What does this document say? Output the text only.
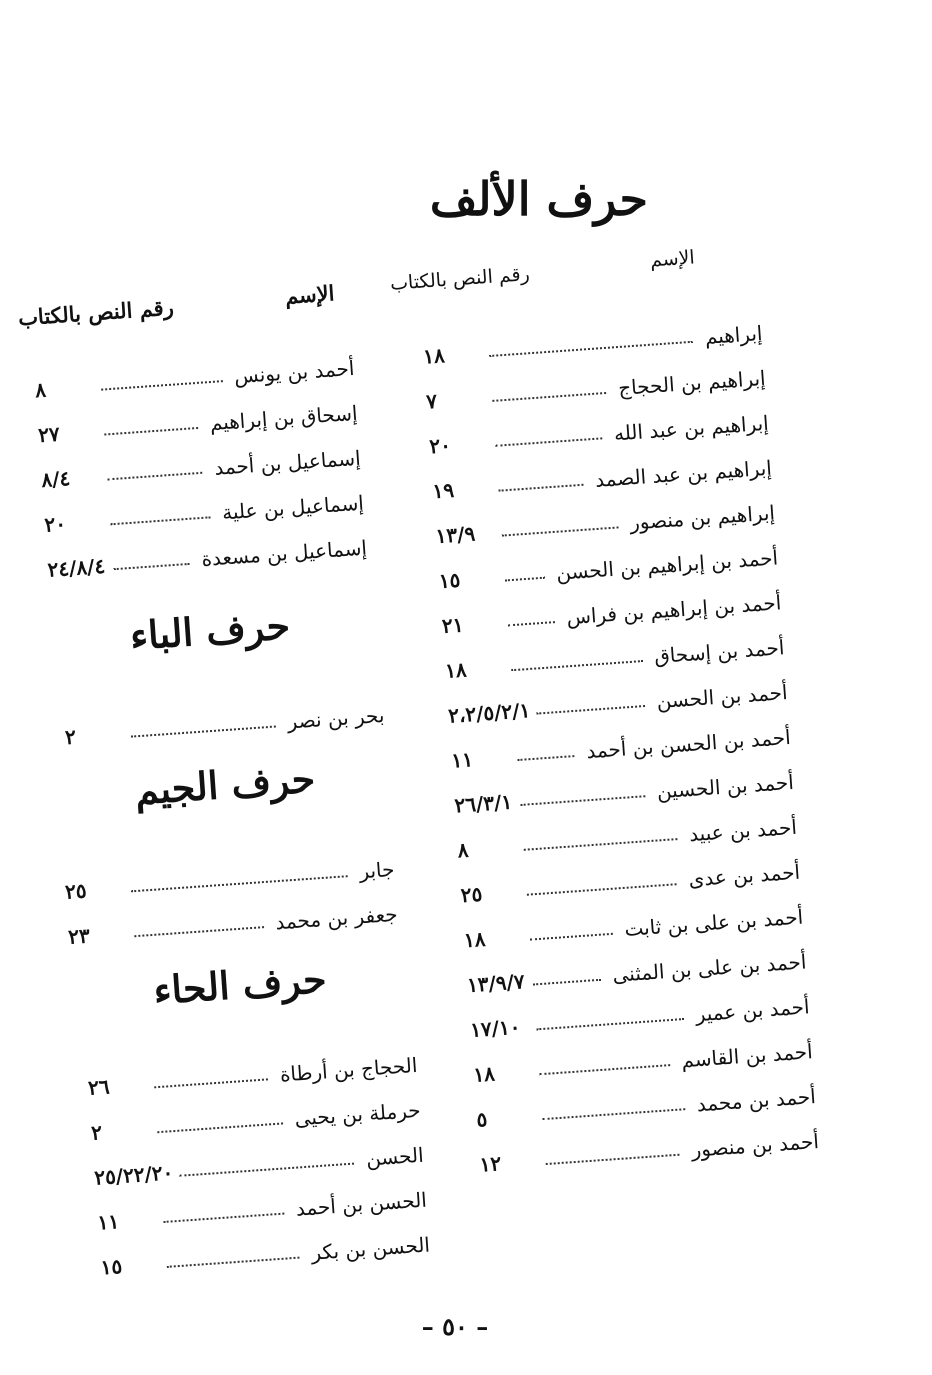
حرف الألف
الإسم
رقم النص بالكتاب
الإسم
رقم النص بالكتاب
إبراهيم
١٨
إبراهيم بن الحجاج
٧
إبراهيم بن عبد الله
٢٠
إبراهيم بن عبد الصمد
١٩
إبراهيم بن منصور
١٣/٩
أحمد بن إبراهيم بن الحسن
١٥
أحمد بن إبراهيم بن فراس
٢١
أحمد بن إسحاق
١٨
أحمد بن الحسن
٢،٢/٥/٢/١
أحمد بن الحسن بن أحمد
١١
أحمد بن الحسين
٢٦/٣/١
أحمد بن عبيد
٨
أحمد بن عدى
٢٥
أحمد بن على بن ثابت
١٨
أحمد بن على بن المثنى
١٣/٩/٧
أحمد بن عمير
١٧/١٠
أحمد بن القاسم
١٨
أحمد بن محمد
٥
أحمد بن منصور
١٢
أحمد بن يونس
٨
إسحاق بن إبراهيم
٢٧
إسماعيل بن أحمد
٨/٤
إسماعيل بن علية
٢٠
إسماعيل بن مسعدة
٢٤/٨/٤
حرف الباء
بحر بن نصر
٢
حرف الجيم
جابر
٢٥
جعفر بن محمد
٢٣
حرف الحاء
الحجاج بن أرطاة
٢٦
حرملة بن يحيى
٢
الحسن
٢٥/٢٢/٢٠
الحسن بن أحمد
١١
الحسن بن بكر
١٥
– ٥٠ –
